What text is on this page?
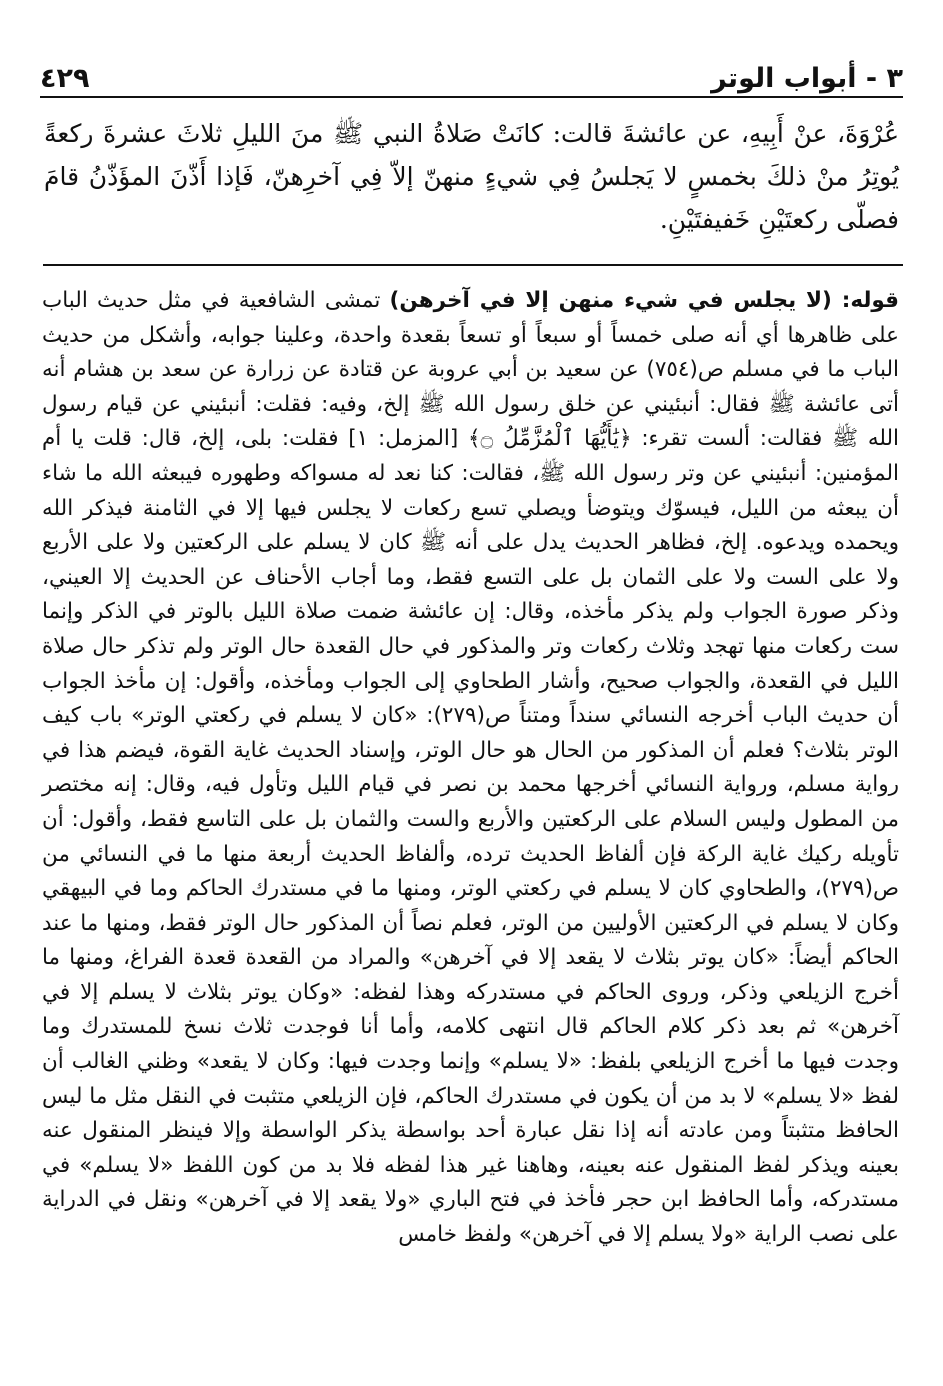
٣ - أبواب الوتر
٤٢٩

عُرْوَةَ، عنْ أَبِيهِ، عن عائشةَ قالت: كانَتْ صَلاةُ النبي ﷺ منَ الليلِ ثلاثَ عشرةَ ركعةً يُوتِرُ منْ ذلكَ بخمسٍ لا يَجلسُ فِي شيءٍ منهنّ إلاّ فِي آخرِهنّ، فَإذا أَذّنَ المؤَذّنُ قامَ فصلّى ركعتَيْنِ خَفيفتَيْنِ.

قوله: (لا يجلس في شيء منهن إلا في آخرهن) تمشى الشافعية في مثل حديث الباب على ظاهرها أي أنه صلى خمساً أو سبعاً أو تسعاً بقعدة واحدة، وعلينا جوابه، وأشكل من حديث الباب ما في مسلم ص(٧٥٤) عن سعيد بن أبي عروبة عن قتادة عن زرارة عن سعد بن هشام أنه أتى عائشة ﷺ فقال: أنبئيني عن خلق رسول الله ﷺ إلخ، وفيه: فقلت: أنبئيني عن قيام رسول الله ﷺ فقالت: ألست تقرء: ﴿يَٰأَيُّهَا ٱلْمُزَّمِّلُ ۝﴾ [المزمل: ١] فقلت: بلى، إلخ، قال: قلت يا أم المؤمنين: أنبئيني عن وتر رسول الله ﷺ، فقالت: كنا نعد له مسواكه وطهوره فيبعثه الله ما شاء أن يبعثه من الليل، فيسوّك ويتوضأ ويصلي تسع ركعات لا يجلس فيها إلا في الثامنة فيذكر الله ويحمده ويدعوه. إلخ، فظاهر الحديث يدل على أنه ﷺ كان لا يسلم على الركعتين ولا على الأربع ولا على الست ولا على الثمان بل على التسع فقط، وما أجاب الأحناف عن الحديث إلا العيني، وذكر صورة الجواب ولم يذكر مأخذه، وقال: إن عائشة ضمت صلاة الليل بالوتر في الذكر وإنما ست ركعات منها تهجد وثلاث ركعات وتر والمذكور في حال القعدة حال الوتر ولم تذكر حال صلاة الليل في القعدة، والجواب صحيح، وأشار الطحاوي إلى الجواب ومأخذه، وأقول: إن مأخذ الجواب أن حديث الباب أخرجه النسائي سنداً ومتناً ص(٢٧٩): «كان لا يسلم في ركعتي الوتر» باب كيف الوتر بثلاث؟ فعلم أن المذكور من الحال هو حال الوتر، وإسناد الحديث غاية القوة، فيضم هذا في رواية مسلم، ورواية النسائي أخرجها محمد بن نصر في قيام الليل وتأول فيه، وقال: إنه مختصر من المطول وليس السلام على الركعتين والأربع والست والثمان بل على التاسع فقط، وأقول: أن تأويله ركيك غاية الركة فإن ألفاظ الحديث ترده، وألفاظ الحديث أربعة منها ما في النسائي من ص(٢٧٩)، والطحاوي كان لا يسلم في ركعتي الوتر، ومنها ما في مستدرك الحاكم وما في البيهقي وكان لا يسلم في الركعتين الأوليين من الوتر، فعلم نصاً أن المذكور حال الوتر فقط، ومنها ما عند الحاكم أيضاً: «كان يوتر بثلاث لا يقعد إلا في آخرهن» والمراد من القعدة قعدة الفراغ، ومنها ما أخرج الزيلعي وذكر، وروى الحاكم في مستدركه وهذا لفظه: «وكان يوتر بثلاث لا يسلم إلا في آخرهن» ثم بعد ذكر كلام الحاكم قال انتهى كلامه، وأما أنا فوجدت ثلاث نسخ للمستدرك وما وجدت فيها ما أخرج الزيلعي بلفظ: «لا يسلم» وإنما وجدت فيها: وكان لا يقعد» وظني الغالب أن لفظ «لا يسلم» لا بد من أن يكون في مستدرك الحاكم، فإن الزيلعي متثبت في النقل مثل ما ليس الحافظ متثبتاً ومن عادته أنه إذا نقل عبارة أحد بواسطة يذكر الواسطة وإلا فينظر المنقول عنه بعينه ويذكر لفظ المنقول عنه بعينه، وهاهنا غير هذا لفظه فلا بد من كون اللفظ «لا يسلم» في مستدركه، وأما الحافظ ابن حجر فأخذ في فتح الباري «ولا يقعد إلا في آخرهن» ونقل في الدراية على نصب الراية «ولا يسلم إلا في آخرهن» ولفظ خامس
